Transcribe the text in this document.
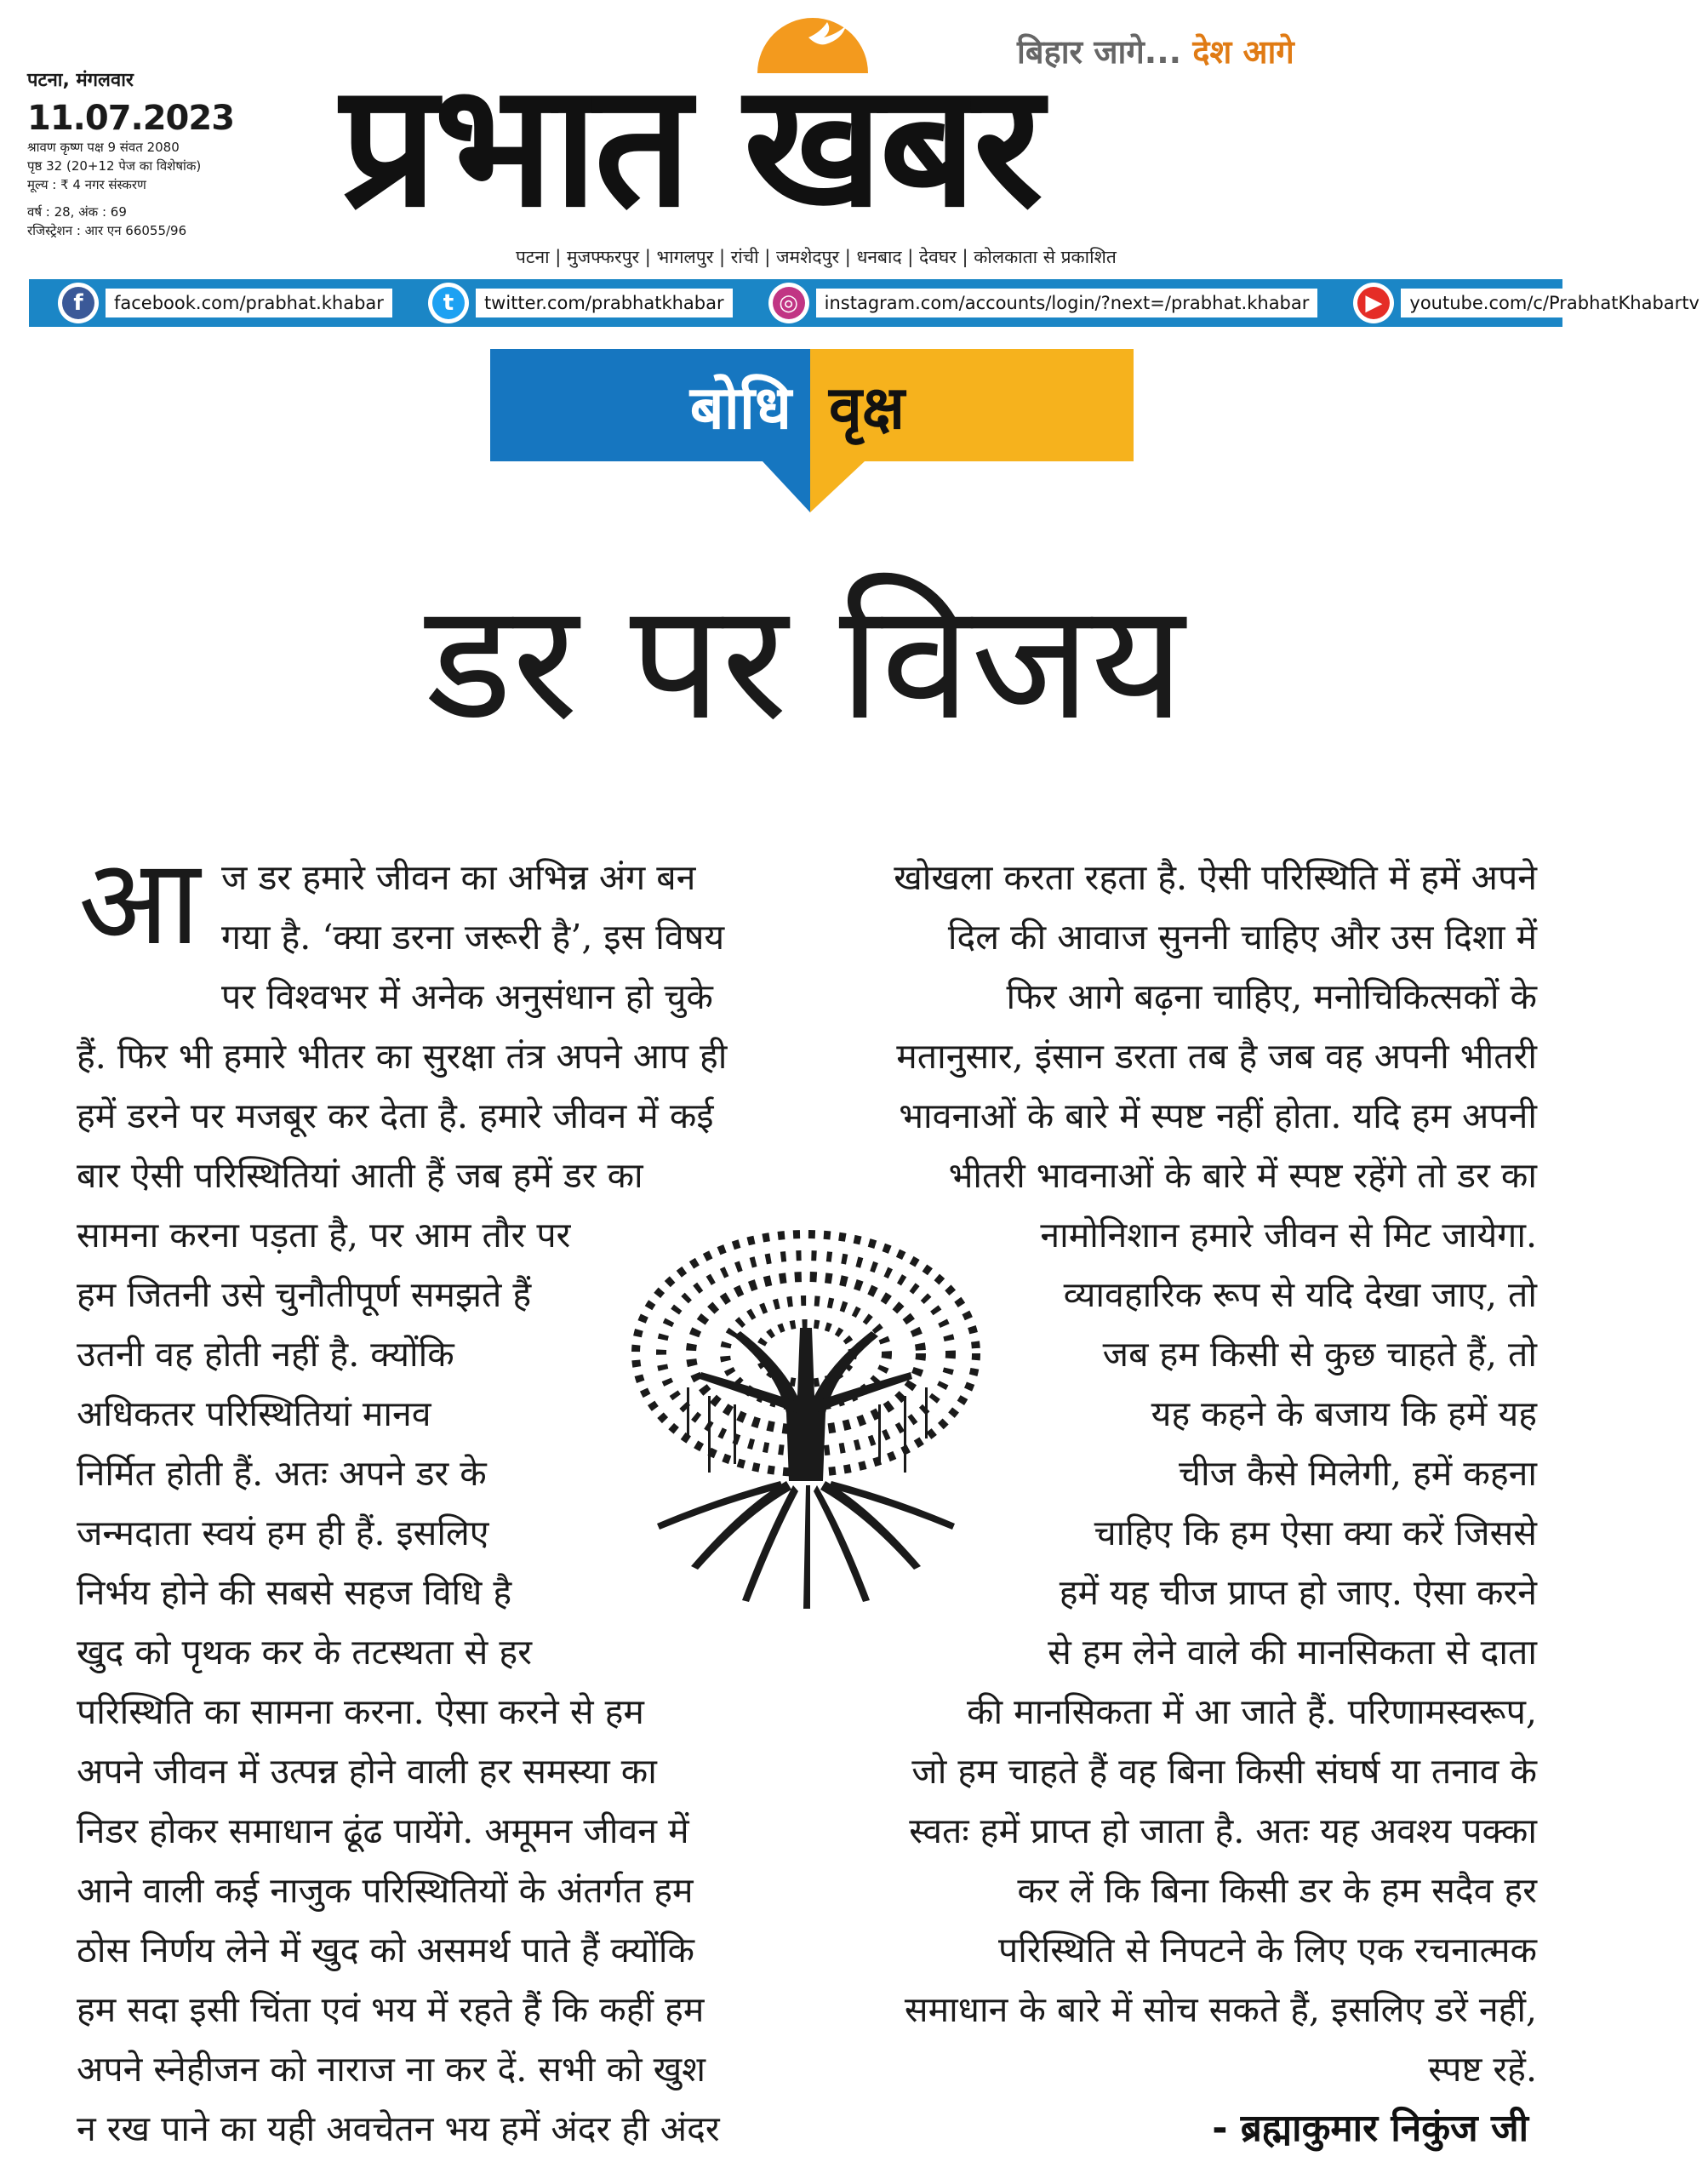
पटना, मंगलवार
11.07.2023
श्रावण कृष्ण पक्ष 9 संवत 2080
पृष्ठ 32 (20+12 पेज का विशेषांक)
मूल्य : ₹ 4 नगर संस्करण
वर्ष : 28, अंक : 69
रजिस्ट्रेशन : आर एन 66055/96 प्रभात खबर
बिहार जागे... देश आगे
पटना | मुजफ्फरपुर | भागलपुर | रांची | जमशेदपुर | धनबाद | देवघर | कोलकाता से प्रकाशित
f	facebook.com/prabhat.khabar	t	twitter.com/prabhatkhabar	◎	instagram.com/accounts/login/?next=/prabhat.khabar	▶	youtube.com/c/PrabhatKhabartv
बोधि वृक्ष
डर पर विजय
आ ज डर हमारे जीवन का अभिन्न अंग बन
गया है. ‘क्या डरना जरूरी है’, इस विषय
पर विश्वभर में अनेक अनुसंधान हो चुके
हैं. फिर भी हमारे भीतर का सुरक्षा तंत्र अपने आप ही
हमें डरने पर मजबूर कर देता है. हमारे जीवन में कई
बार ऐसी परिस्थितियां आती हैं जब हमें डर का
सामना करना पड़ता है, पर आम तौर पर
हम जितनी उसे चुनौतीपूर्ण समझते हैं
उतनी वह होती नहीं है. क्योंकि
अधिकतर परिस्थितियां मानव
निर्मित होती हैं. अतः अपने डर के
जन्मदाता स्वयं हम ही हैं. इसलिए
निर्भय होने की सबसे सहज विधि है
खुद को पृथक कर के तटस्थता से हर
परिस्थिति का सामना करना. ऐसा करने से हम
अपने जीवन में उत्पन्न होने वाली हर समस्या का
निडर होकर समाधान ढूंढ पायेंगे. अमूमन जीवन में
आने वाली कई नाजुक परिस्थितियों के अंतर्गत हम
ठोस निर्णय लेने में खुद को असमर्थ पाते हैं क्योंकि
हम सदा इसी चिंता एवं भय में रहते हैं कि कहीं हम
अपने स्नेहीजन को नाराज ना कर दें. सभी को खुश
न रख पाने का यही अवचेतन भय हमें अंदर ही अंदर
खोखला करता रहता है. ऐसी परिस्थिति में हमें अपने
दिल की आवाज सुननी चाहिए और उस दिशा में
फिर आगे बढ़ना चाहिए, मनोचिकित्सकों के
मतानुसार, इंसान डरता तब है जब वह अपनी भीतरी
भावनाओं के बारे में स्पष्ट नहीं होता. यदि हम अपनी
भीतरी भावनाओं के बारे में स्पष्ट रहेंगे तो डर का
नामोनिशान हमारे जीवन से मिट जायेगा.
व्यावहारिक रूप से यदि देखा जाए, तो
जब हम किसी से कुछ चाहते हैं, तो
यह कहने के बजाय कि हमें यह
चीज कैसे मिलेगी, हमें कहना
चाहिए कि हम ऐसा क्या करें जिससे
हमें यह चीज प्राप्त हो जाए. ऐसा करने
से हम लेने वाले की मानसिकता से दाता
की मानसिकता में आ जाते हैं. परिणामस्वरूप,
जो हम चाहते हैं वह बिना किसी संघर्ष या तनाव के
स्वतः हमें प्राप्त हो जाता है. अतः यह अवश्य पक्का
कर लें कि बिना किसी डर के हम सदैव हर
परिस्थिति से निपटने के लिए एक रचनात्मक
समाधान के बारे में सोच सकते हैं, इसलिए डरें नहीं,
स्पष्ट रहें.
- ब्रह्माकुमार निकुंज जी
